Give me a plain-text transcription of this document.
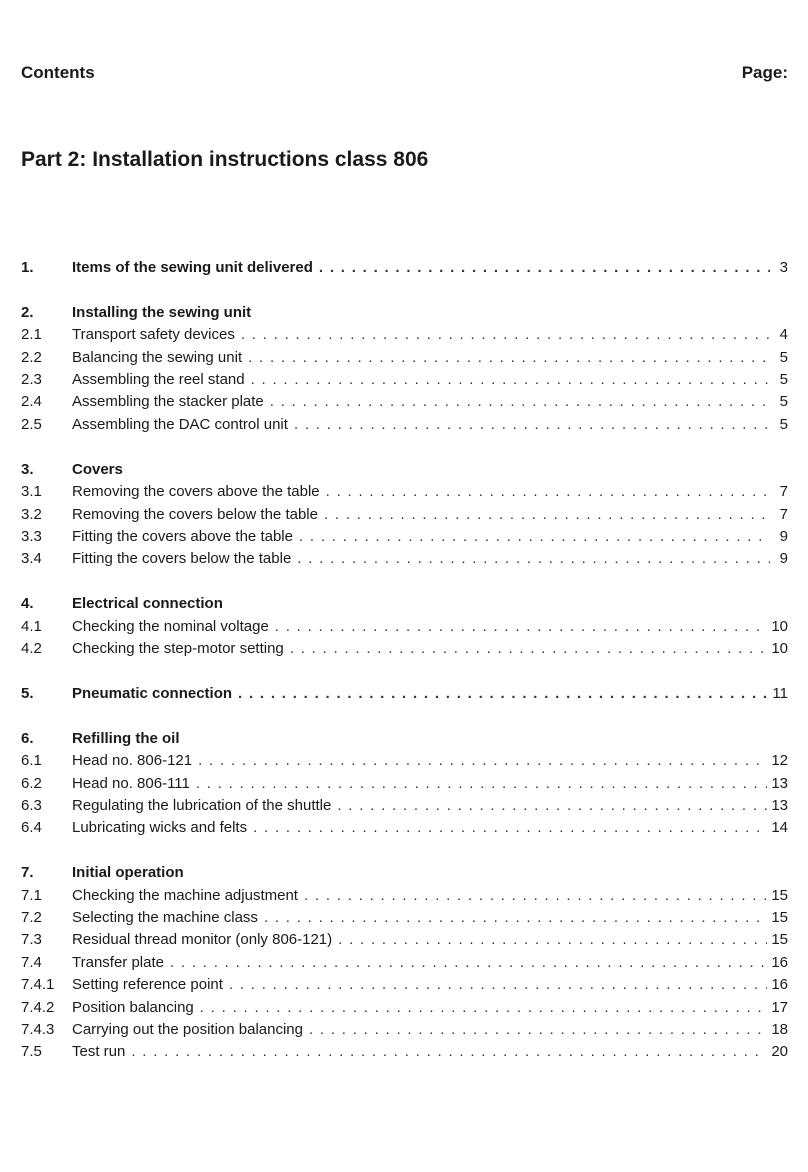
Contents	Page:
Part 2: Installation instructions class 806
1.	Items of the sewing unit delivered . . .	3
2.	Installing the sewing unit
2.1	Transport safety devices . . .	4
2.2	Balancing the sewing unit . . .	5
2.3	Assembling the reel stand . . .	5
2.4	Assembling the stacker plate . . .	5
2.5	Assembling the DAC control unit . . .	5
3.	Covers
3.1	Removing the covers above the table . . .	7
3.2	Removing the covers below the table . . .	7
3.3	Fitting the covers above the table . . .	9
3.4	Fitting the covers below the table . . .	9
4.	Electrical connection
4.1	Checking the nominal voltage . . .	10
4.2	Checking the step-motor setting . . .	10
5.	Pneumatic connection . . .	11
6.	Refilling the oil
6.1	Head no. 806-121 . . .	12
6.2	Head no. 806-111 . . .	13
6.3	Regulating the lubrication of the shuttle . . .	13
6.4	Lubricating wicks and felts . . .	14
7.	Initial operation
7.1	Checking the machine adjustment . . .	15
7.2	Selecting the machine class . . .	15
7.3	Residual thread monitor (only 806-121) . . .	15
7.4	Transfer plate . . .	16
7.4.1	Setting reference point . . .	16
7.4.2	Position balancing . . .	17
7.4.3	Carrying out the position balancing . . .	18
7.5	Test run . . .	20
